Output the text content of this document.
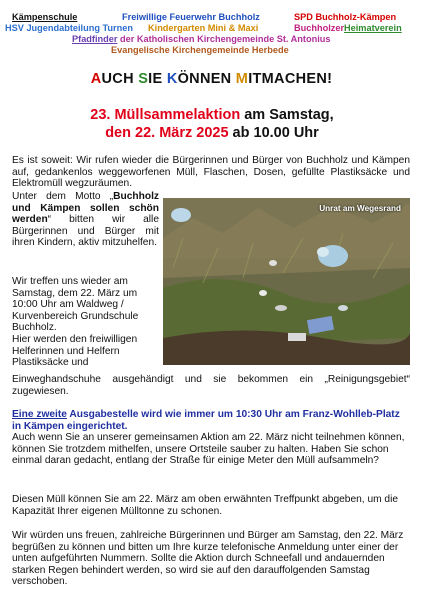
Kämpenschule	Freiwillige Feuerwehr Buchholz	SPD Buchholz-Kämpen
HSV Jugendabteilung Turnen Kindergarten Mini & Maxi	Buchholzer Heimatverein
Pfadfinder der Katholischen Kirchengemeinde St. Antonius
Evangelische Kirchengemeinde Herbede
AUCH SIE KÖNNEN MITMACHEN!
23. Müllsammelaktion am Samstag,
den 22. März 2025 ab 10.00 Uhr
Es ist soweit: Wir rufen wieder die Bürgerinnen und Bürger von Buchholz und Kämpen auf, gedankenlos weggeworfenen Müll, Flaschen, Dosen, gefüllte Plastiksäcke und Elektromüll wegzuräumen.
Unter dem Motto „Buchholz und Kämpen sollen schön werden“ bitten wir alle Bürgerinnen und Bürger mit ihren Kindern, aktiv mitzuhelfen.
Wir treffen uns wieder am Samstag, dem 22. März um 10:00 Uhr am Waldweg / Kurvenbereich Grundschule Buchholz.
Hier werden den freiwilligen Helferinnen und Helfern Plastiksäcke und
Unrat am Wegesrand
Einweghandschuhe ausgehändigt und sie bekommen ein „Reinigungsgebiet“ zugewiesen.
Eine zweite Ausgabestelle wird wie immer um 10:30 Uhr am Franz-Wohlleb-Platz in Kämpen eingerichtet.
Auch wenn Sie an unserer gemeinsamen Aktion am 22. März nicht teilnehmen können, können Sie trotzdem mithelfen, unsere Ortsteile sauber zu halten. Haben Sie schon einmal daran gedacht, entlang der Straße für einige Meter den Müll aufsammeln?
Diesen Müll können Sie am 22. März am oben erwähnten Treffpunkt abgeben, um die Kapazität Ihrer eigenen Mülltonne zu schonen.
Wir würden uns freuen, zahlreiche Bürgerinnen und Bürger am Samstag, den 22. März begrüßen zu können und bitten um Ihre kurze telefonische Anmeldung unter einer der unten aufgeführten Nummern. Sollte die Aktion durch Schneefall und andauernden starken Regen behindert werden, so wird sie auf den darauffolgenden Samstag verschoben.
